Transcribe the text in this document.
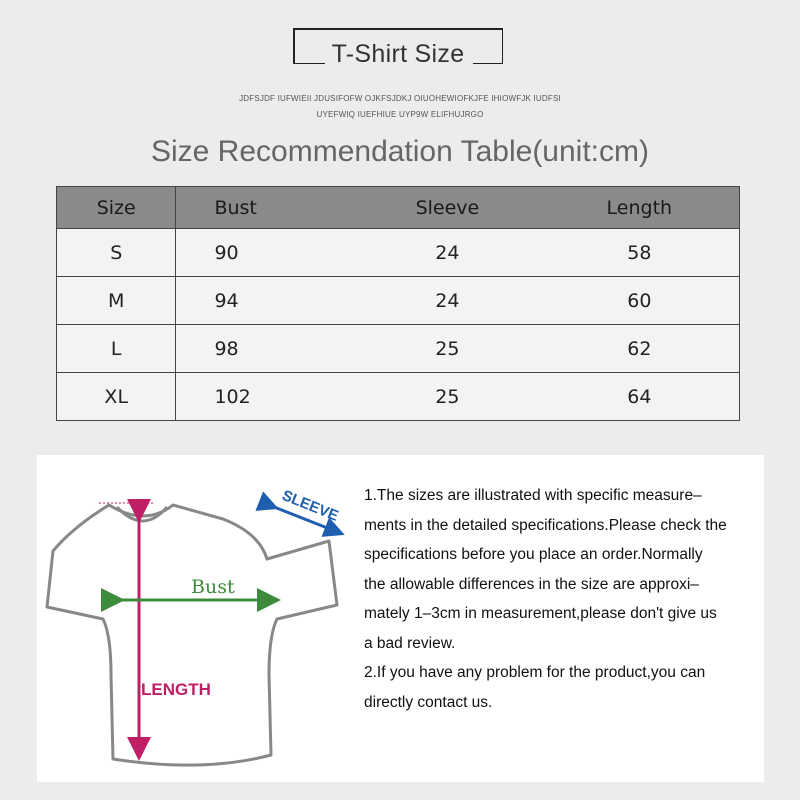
T-Shirt Size
JDFSJDF IUFWIEII JDUSIFOFW OJKFSJDKJ OIUOHEWIOFKJFE IHIOWFJK IUDFSI
UYEFWIQ IUEFHIUE UYP9W ELIFHUJRGO
Size Recommendation Table(unit:cm)
Size	Bust	Sleeve	Length
S	90	24	58
M	94	24	60
L	98	25	62
XL	102	25	64
Bust
LENGTH
SLEEVE 1.The sizes are illustrated with specific measure–

ments in the detailed specifications.Please check the

specifications before you place an order.Normally

the allowable differences in the size are approxi–

mately 1–3cm in measurement,please don't give us

a bad review.

2.If you have any problem for the product,you can

directly contact us.
